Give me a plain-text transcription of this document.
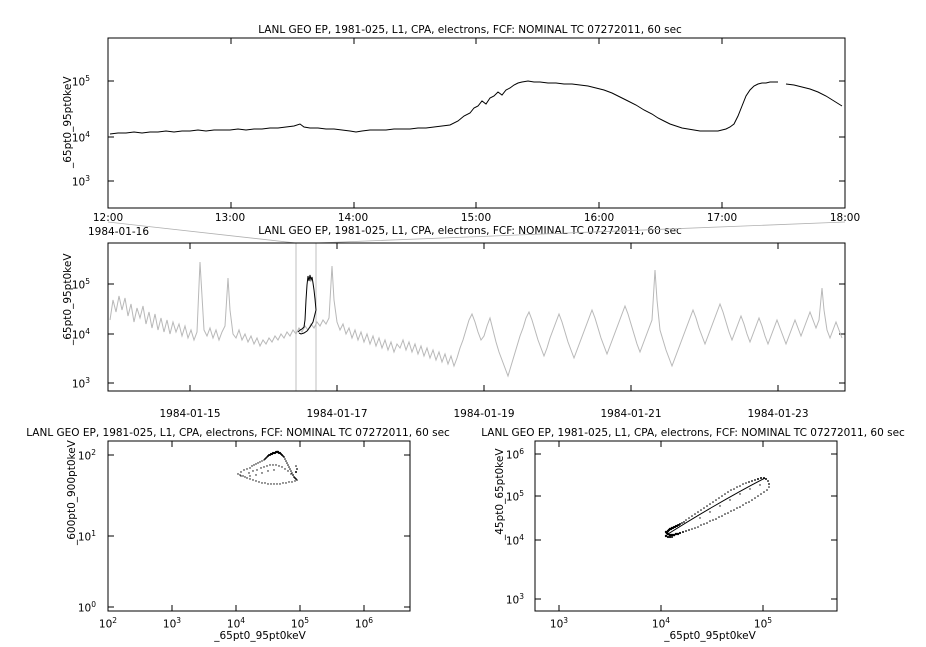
LANL GEO EP, 1981-025, L1, CPA, electrons, FCF: NOMINAL TC 07272011, 60 sec
_65pt0_95pt0keV
$10^3$
$10^4$
$10^5$
12:00	13:00	14:00	15:00	16:00	17:00	18:00
1984-01-16	LANL GEO EP, 1981-025, L1, CPA, electrons, FCF: NOMINAL TC 07272011, 60 sec
_65pt0_95pt0keV
$10^3$
$10^4$
$10^5$
1984-01-15	1984-01-17	1984-01-19	1984-01-21	1984-01-23
LANL GEO EP, 1981-025, L1, CPA, electrons, FCF: NOMINAL TC 07272011, 60 sec
_600pt0_900pt0keV
_65pt0_95pt0keV
$10^0$
$10^1$
$10^2$
$10^2$	$10^3$	$10^4$	$10^5$	$10^6$
LANL GEO EP, 1981-025, L1, CPA, electrons, FCF: NOMINAL TC 07272011, 60 sec
_45pt0_65pt0keV
_65pt0_95pt0keV
$10^3$
$10^4$
$10^5$
$10^6$
$10^3$	$10^4$	$10^5$
